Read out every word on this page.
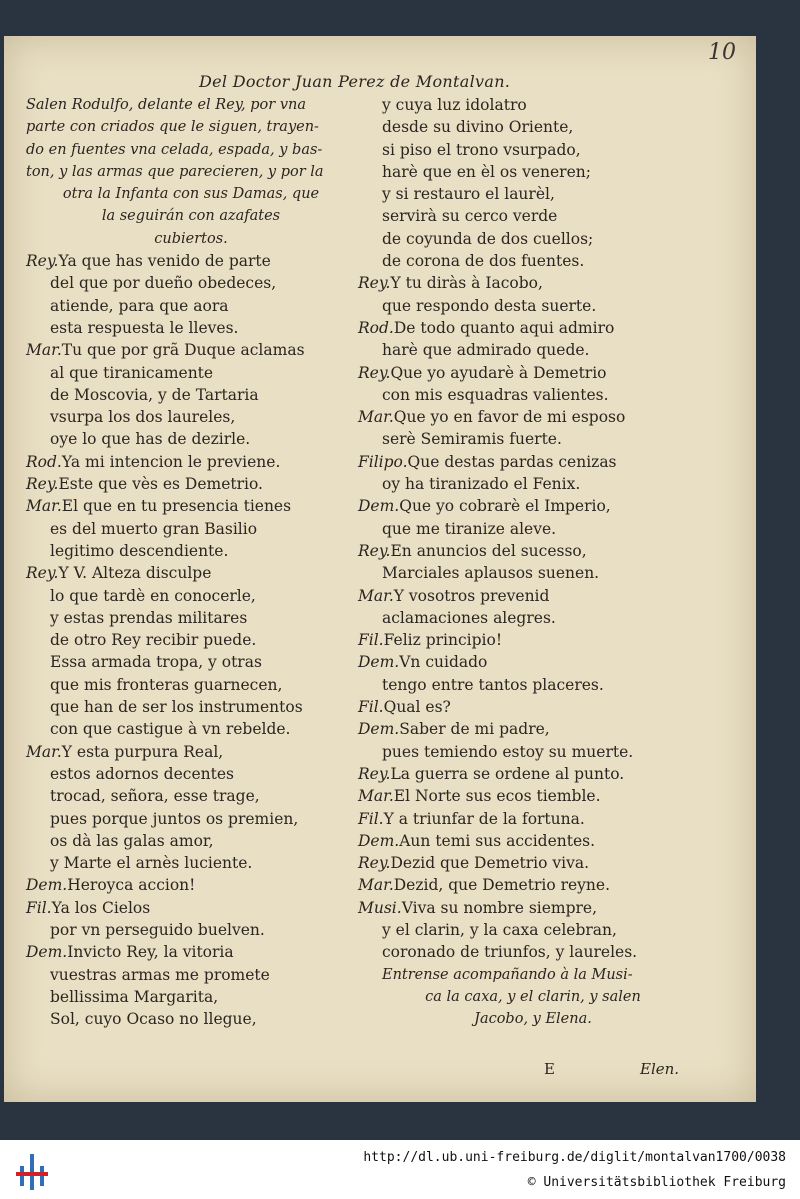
10
Del Doctor Juan Perez de Montalvan.
Salen Rodulfo, delante el Rey, por vna
parte con criados que le siguen, trayen-
do en fuentes vna celada, espada, y bas-
ton, y las armas que parecieren, y por la
otra la Infanta con sus Damas, que
la seguirán con azafates
cubiertos.
Rey.Ya que has venido de parte
del que por dueño obedeces,
atiende, para que aora
esta respuesta le lleves.
Mar.Tu que por grã Duque aclamas
al que tiranicamente
de Moscovia, y de Tartaria
vsurpa los dos laureles,
oye lo que has de dezirle.
Rod.Ya mi intencion le previene.
Rey.Este que vès es Demetrio.
Mar.El que en tu presencia tienes
es del muerto gran Basilio
legitimo descendiente.
Rey.Y V. Alteza disculpe
lo que tardè en conocerle,
y estas prendas militares
de otro Rey recibir puede.
Essa armada tropa, y otras
que mis fronteras guarnecen,
que han de ser los instrumentos
con que castigue à vn rebelde.
Mar.Y esta purpura Real,
estos adornos decentes
trocad, señora, esse trage,
pues porque juntos os premien,
os dà las galas amor,
y Marte el arnès luciente.
Dem.Heroyca accion!
Fil.Ya los Cielos
por vn perseguido buelven.
Dem.Invicto Rey, la vitoria
vuestras armas me promete
bellissima Margarita,
Sol, cuyo Ocaso no llegue,
y cuya luz idolatro
desde su divino Oriente,
si piso el trono vsurpado,
harè que en èl os veneren;
y si restauro el laurèl,
servirà su cerco verde
de coyunda de dos cuellos;
de corona de dos fuentes.
Rey.Y tu diràs à Iacobo,
que respondo desta suerte.
Rod.De todo quanto aqui admiro
harè que admirado quede.
Rey.Que yo ayudarè à Demetrio
con mis esquadras valientes.
Mar.Que yo en favor de mi esposo
serè Semiramis fuerte.
Filipo.Que destas pardas cenizas
oy ha tiranizado el Fenix.
Dem.Que yo cobrarè el Imperio,
que me tiranize aleve.
Rey.En anuncios del sucesso,
Marciales aplausos suenen.
Mar.Y vosotros prevenid
aclamaciones alegres.
Fil.Feliz principio!
Dem.Vn cuidado
tengo entre tantos placeres.
Fil.Qual es?
Dem.Saber de mi padre,
pues temiendo estoy su muerte.
Rey.La guerra se ordene al punto.
Mar.El Norte sus ecos tiemble.
Fil.Y a triunfar de la fortuna.
Dem.Aun temi sus accidentes.
Rey.Dezid que Demetrio viva.
Mar.Dezid, que Demetrio reyne.
Musi.Viva su nombre siempre,
y el clarin, y la caxa celebran,
coronado de triunfos, y laureles.
Entrense acompañando à la Musi-
ca la caxa, y el clarin, y salen
Jacobo, y Elena.
E	Elen.
http://dl.ub.uni-freiburg.de/diglit/montalvan1700/0038
© Universitätsbibliothek Freiburg
